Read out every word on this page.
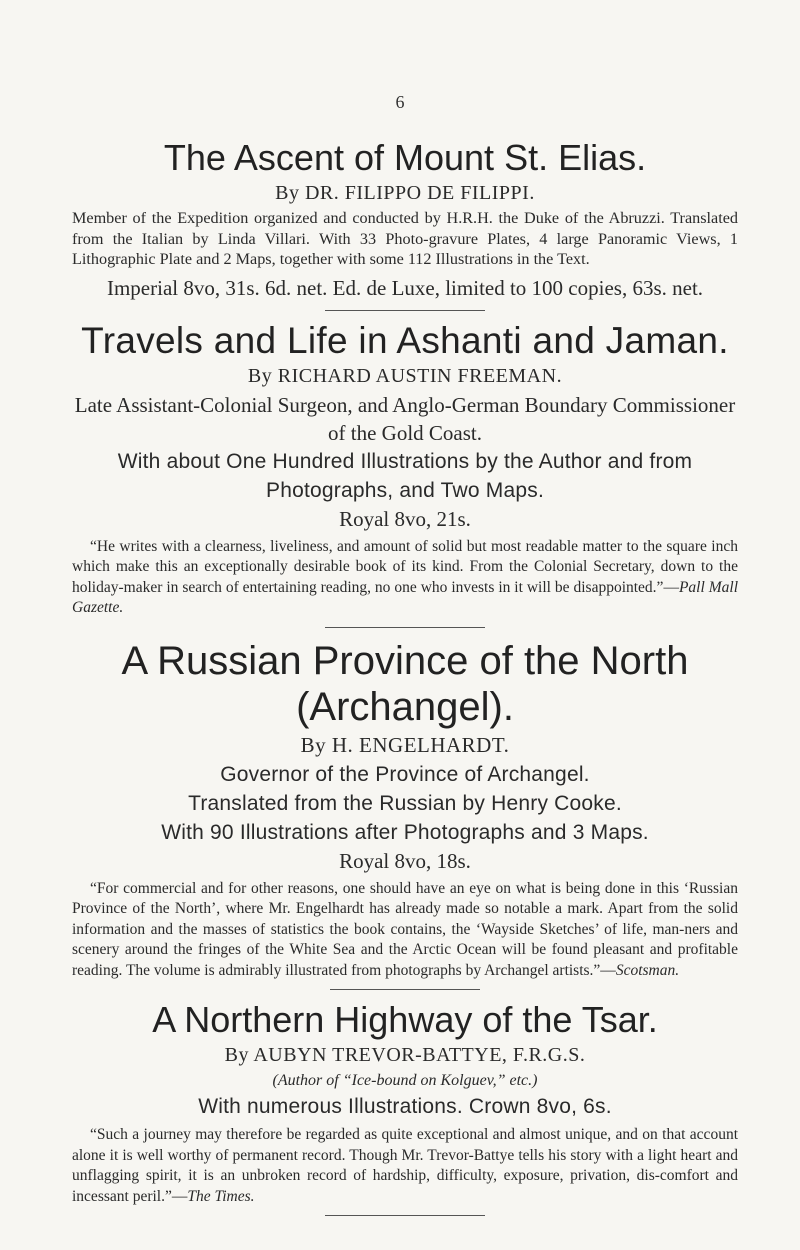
6
The Ascent of Mount St. Elias.
By DR. FILIPPO DE FILIPPI.
Member of the Expedition organized and conducted by H.R.H. the Duke of the Abruzzi. Translated from the Italian by Linda Villari. With 33 Photo-gravure Plates, 4 large Panoramic Views, 1 Lithographic Plate and 2 Maps, together with some 112 Illustrations in the Text.
Imperial 8vo, 31s. 6d. net. Ed. de Luxe, limited to 100 copies, 63s. net.
Travels and Life in Ashanti and Jaman.
By RICHARD AUSTIN FREEMAN.
Late Assistant-Colonial Surgeon, and Anglo-German Boundary Commissioner of the Gold Coast.
With about One Hundred Illustrations by the Author and from Photographs, and Two Maps.
Royal 8vo, 21s.

“He writes with a clearness, liveliness, and amount of solid but most readable matter to the square inch which make this an exceptionally desirable book of its kind. From the Colonial Secretary, down to the holiday-maker in search of entertaining reading, no one who invests in it will be disappointed.”—Pall Mall Gazette.

A Russian Province of the North
(Archangel).
By H. ENGELHARDT.
Governor of the Province of Archangel.
Translated from the Russian by Henry Cooke.
With 90 Illustrations after Photographs and 3 Maps.
Royal 8vo, 18s.

“For commercial and for other reasons, one should have an eye on what is being done in this ‘Russian Province of the North’, where Mr. Engelhardt has already made so notable a mark. Apart from the solid information and the masses of statistics the book contains, the ‘Wayside Sketches’ of life, man-ners and scenery around the fringes of the White Sea and the Arctic Ocean will be found pleasant and profitable reading. The volume is admirably illustrated from photographs by Archangel artists.”—Scotsman.

A Northern Highway of the Tsar.
By AUBYN TREVOR-BATTYE, F.R.G.S.
(Author of “Ice-bound on Kolguev,” etc.)
With numerous Illustrations. Crown 8vo, 6s.

“Such a journey may therefore be regarded as quite exceptional and almost unique, and on that account alone it is well worthy of permanent record. Though Mr. Trevor-Battye tells his story with a light heart and unflagging spirit, it is an unbroken record of hardship, difficulty, exposure, privation, dis-comfort and incessant peril.”—The Times.
